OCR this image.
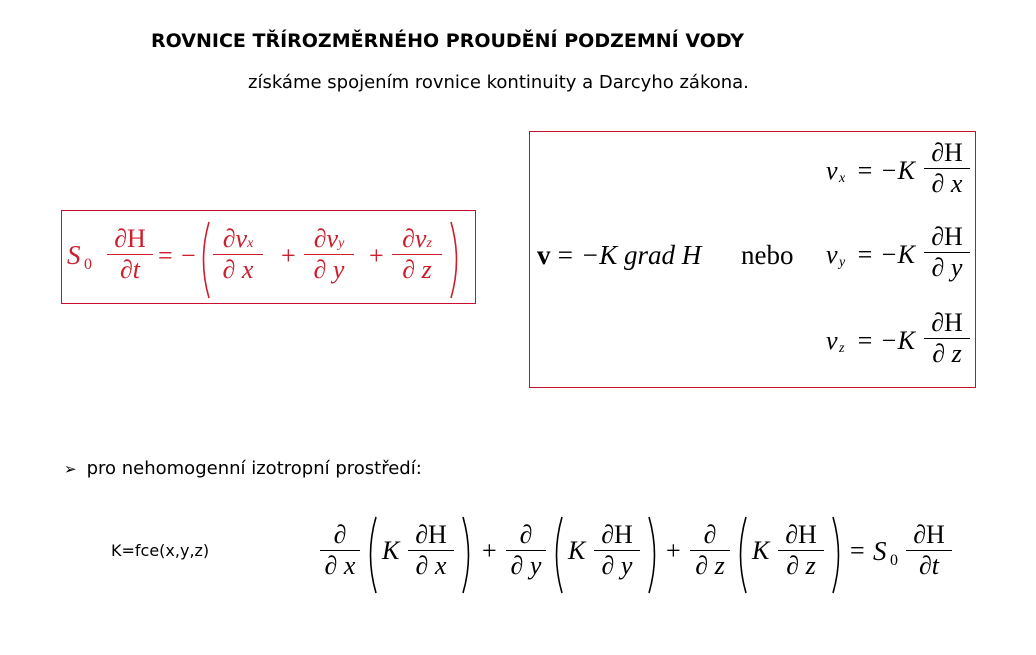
ROVNICE TŘÍROZMĚRNÉHO PROUDĚNÍ PODZEMNÍ VODY
získáme spojením rovnice kontinuity a Darcyho zákona.
S 0
∂H
∂t = −
∂vx
∂ x	+
∂vy
∂ y +
∂vz
∂ z	v = −K grad H nebo
v x = −K
∂H
∂ x
v y = −K
∂H
∂ y
v z = −K
∂H
∂ z
➢ pro nehomogenní izotropní prostředí:
K=fce(x,y,z)
∂
∂ x
K
∂H
∂ x
+
∂
∂ y
K
∂H
∂ y
+
∂
∂ z
K
∂H
∂ z
= S 0
∂H
∂t
